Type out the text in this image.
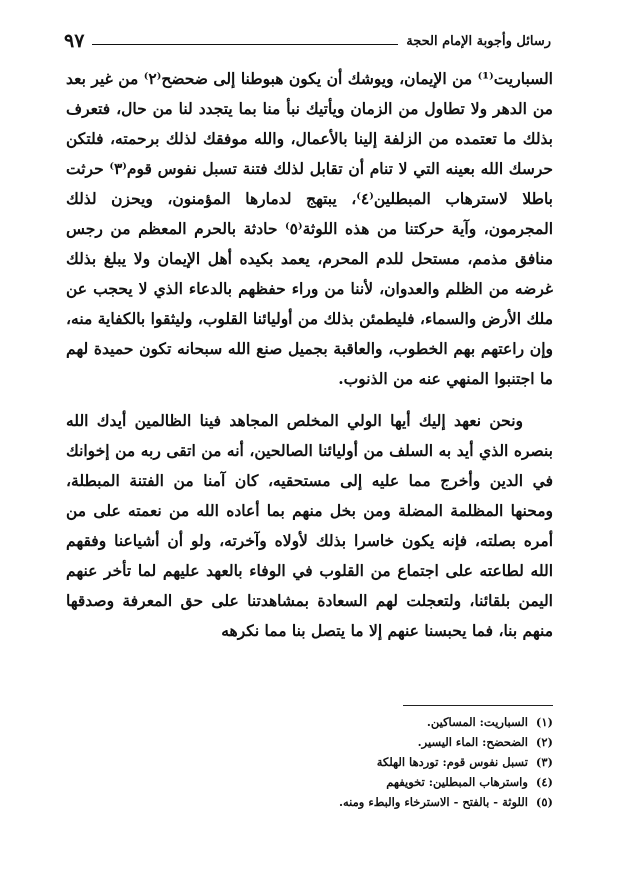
رسائل وأجوبة الإمام الحجة
٩٧

السباريت⁽¹⁾ من الإيمان، ويوشك أن يكون هبوطنا إلى ضحضح⁽٢⁾ من غير بعد من الدهر ولا تطاول من الزمان ويأتيك نبأ منا بما يتجدد لنا من حال، فتعرف بذلك ما تعتمده من الزلفة إلينا بالأعمال، والله موفقك لذلك برحمته، فلتكن حرسك الله بعينه التي لا تنام أن تقابل لذلك فتنة تسبل نفوس قوم⁽٣⁾ حرثت باطلا لاسترهاب المبطلين⁽٤⁾، يبتهج لدمارها المؤمنون، ويحزن لذلك المجرمون، وآية حركتنا من هذه اللوثة⁽٥⁾ حادثة بالحرم المعظم من رجس منافق مذمم، مستحل للدم المحرم، يعمد بكيده أهل الإيمان ولا يبلغ بذلك غرضه من الظلم والعدوان، لأننا من وراء حفظهم بالدعاء الذي لا يحجب عن ملك الأرض والسماء، فليطمئن بذلك من أوليائنا القلوب، وليثقوا بالكفاية منه، وإن راعتهم بهم الخطوب، والعاقبة بجميل صنع الله سبحانه تكون حميدة لهم ما اجتنبوا المنهي عنه من الذنوب.

ونحن نعهد إليك أيها الولي المخلص المجاهد فينا الظالمين أيدك الله بنصره الذي أيد به السلف من أوليائنا الصالحين، أنه من اتقى ربه من إخوانك في الدين وأخرج مما عليه إلى مستحقيه، كان آمنا من الفتنة المبطلة، ومحنها المظلمة المضلة ومن بخل منهم بما أعاده الله من نعمته على من أمره بصلته، فإنه يكون خاسرا بذلك لأولاه وآخرته، ولو أن أشياعنا وفقهم الله لطاعته على اجتماع من القلوب في الوفاء بالعهد عليهم لما تأخر عنهم اليمن بلقائنا، ولتعجلت لهم السعادة بمشاهدتنا على حق المعرفة وصدقها منهم بنا، فما يحبسنا عنهم إلا ما يتصل بنا مما نكرهه

(١)
السباريت: المساكين.
(٢)
الضحضح: الماء اليسير.
(٣)
تسبل نفوس قوم: توردها الهلكة
(٤)
واسترهاب المبطلين: تخويفهم
(٥)
اللوثة - بالفتح - الاسترخاء والبطء ومنه.
